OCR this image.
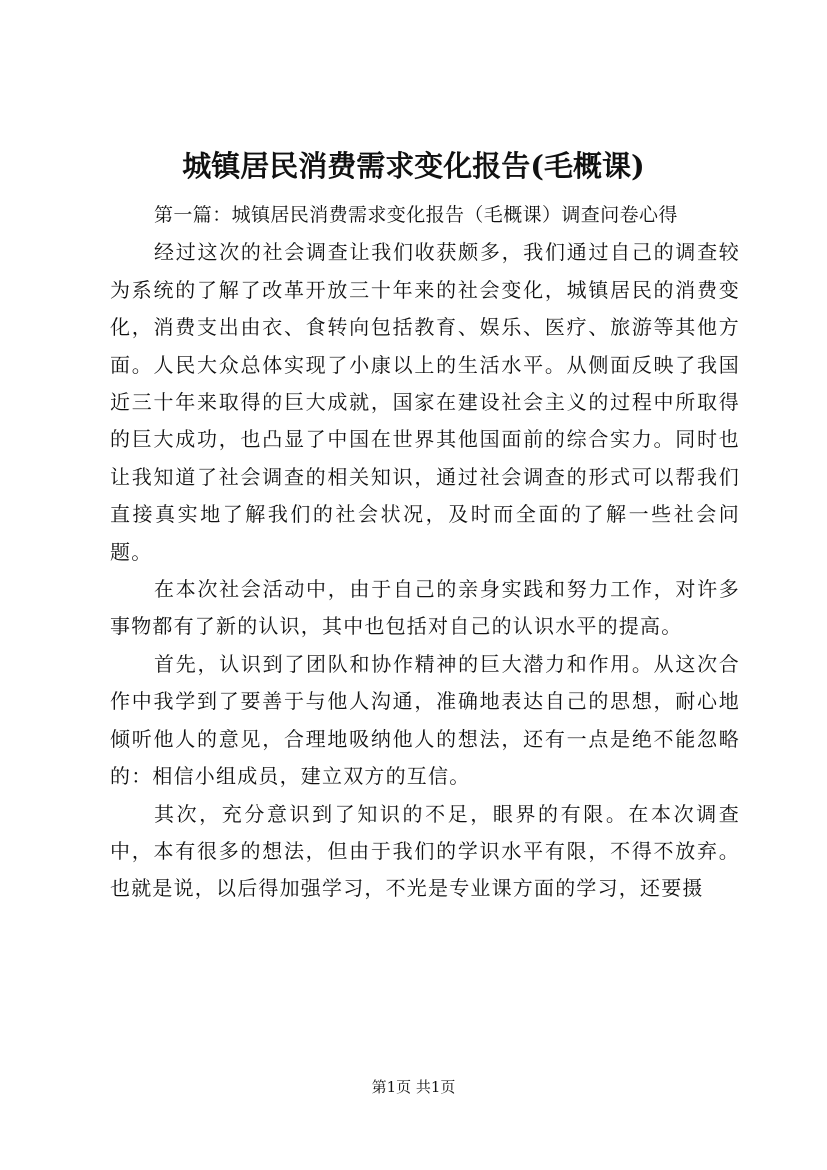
城镇居民消费需求变化报告(毛概课)

第一篇：城镇居民消费需求变化报告（毛概课）调查问卷心得

经过这次的社会调查让我们收获颇多，我们通过自己的调查较为系统的了解了改革开放三十年来的社会变化，城镇居民的消费变化，消费支出由衣、食转向包括教育、娱乐、医疗、旅游等其他方面。人民大众总体实现了小康以上的生活水平。从侧面反映了我国近三十年来取得的巨大成就，国家在建设社会主义的过程中所取得的巨大成功，也凸显了中国在世界其他国面前的综合实力。同时也让我知道了社会调查的相关知识，通过社会调查的形式可以帮我们直接真实地了解我们的社会状况，及时而全面的了解一些社会问题。

在本次社会活动中，由于自己的亲身实践和努力工作，对许多事物都有了新的认识，其中也包括对自己的认识水平的提高。

首先，认识到了团队和协作精神的巨大潜力和作用。从这次合作中我学到了要善于与他人沟通，准确地表达自己的思想，耐心地倾听他人的意见，合理地吸纳他人的想法，还有一点是绝不能忽略的：相信小组成员，建立双方的互信。

其次，充分意识到了知识的不足，眼界的有限。在本次调查中，本有很多的想法，但由于我们的学识水平有限，不得不放弃。也就是说，以后得加强学习，不光是专业课方面的学习，还要摄

第1页 共1页
